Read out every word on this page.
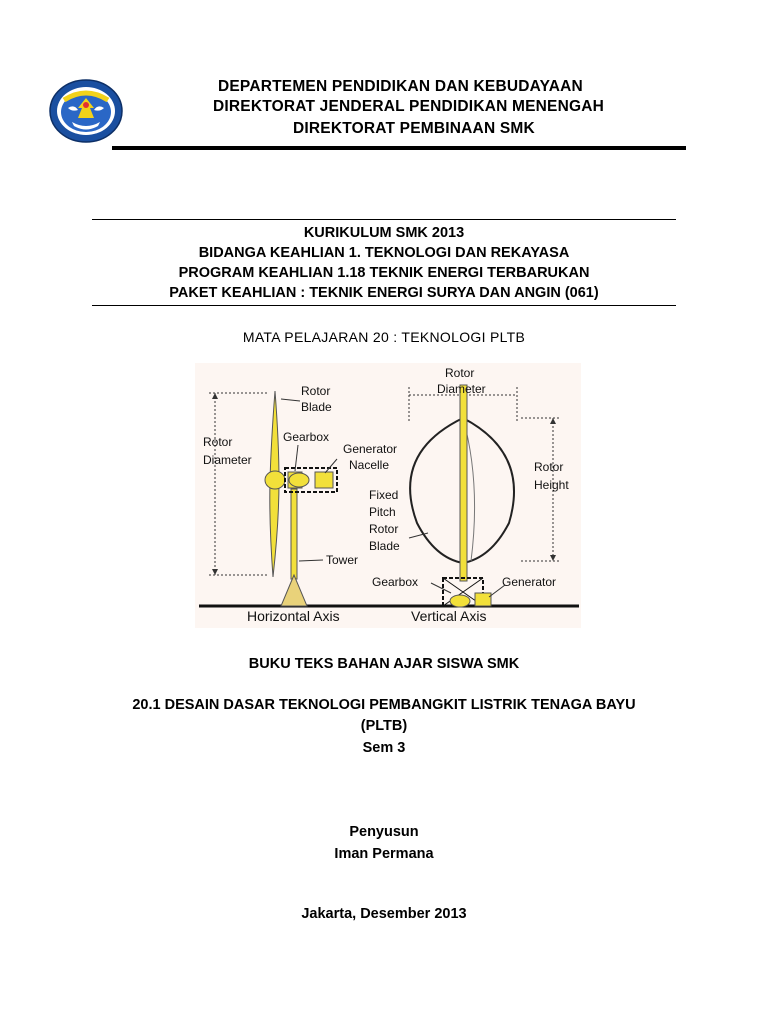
DEPARTEMEN PENDIDIKAN DAN KEBUDAYAAN
DIREKTORAT JENDERAL PENDIDIKAN MENENGAH
DIREKTORAT PEMBINAAN SMK
KURIKULUM SMK 2013
BIDANGA KEAHLIAN 1. TEKNOLOGI DAN REKAYASA
PROGRAM KEAHLIAN 1.18 TEKNIK ENERGI TERBARUKAN
PAKET KEAHLIAN : TEKNIK ENERGI SURYA DAN ANGIN (061)
MATA PELAJARAN 20 : TEKNOLOGI PLTB
Rotor
Blade
Gearbox
Generator
Nacelle
Rotor
Diameter
Tower
Horizontal Axis
Rotor
Diameter
Rotor
Height
Fixed
Pitch
Rotor
Blade
Gearbox	Generator
Vertical Axis
BUKU TEKS BAHAN AJAR SISWA SMK
20.1 DESAIN DASAR TEKNOLOGI PEMBANGKIT LISTRIK TENAGA BAYU
(PLTB)
Sem 3
Penyusun
Iman Permana
Jakarta, Desember 2013
